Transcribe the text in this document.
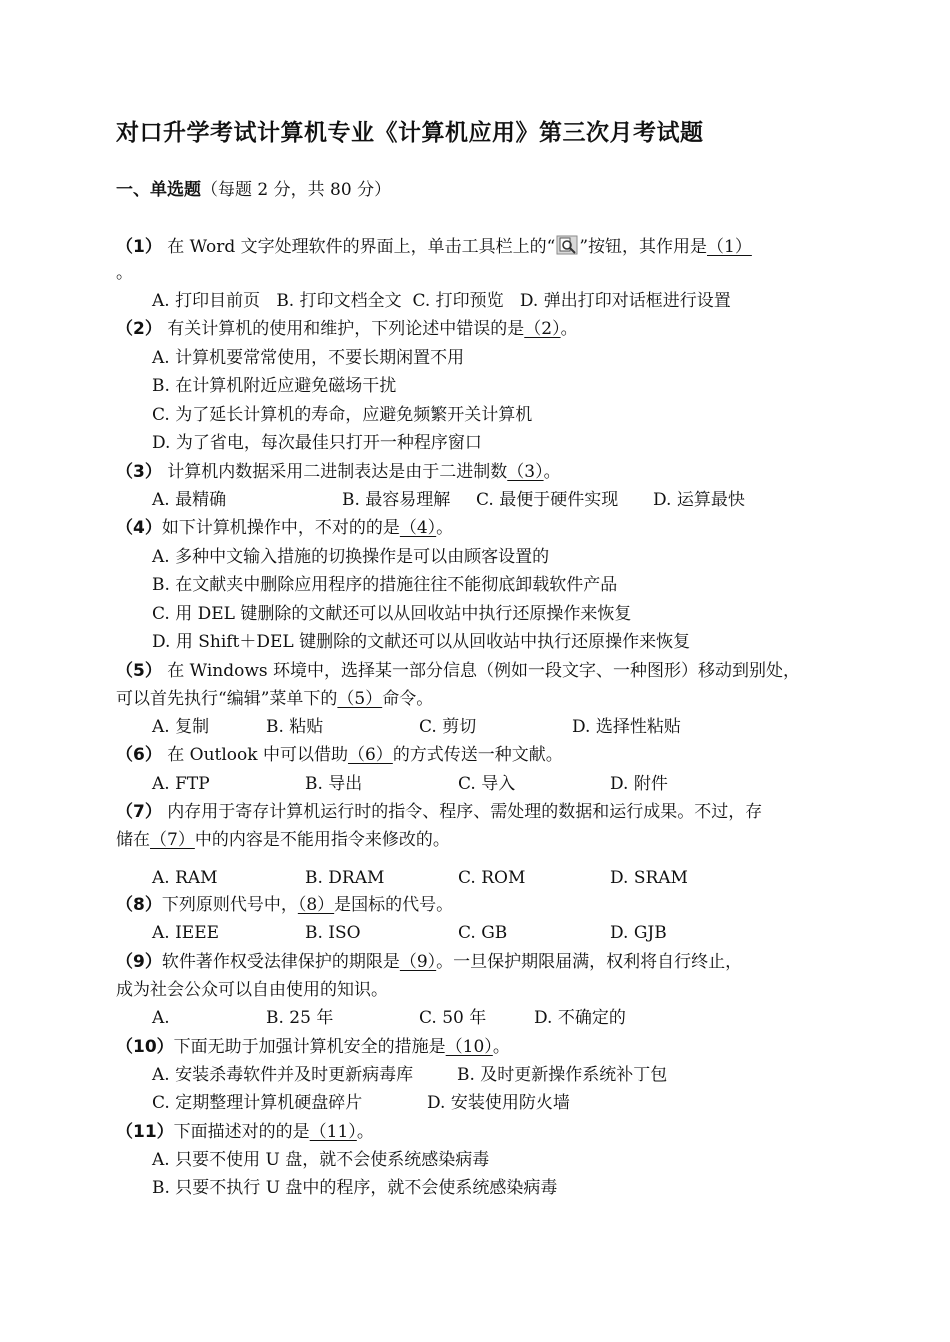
对口升学考试计算机专业《计算机应用》第三次月考试题
一、单选题（每题 2 分，共 80 分）
（1） 在 Word 文字处理软件的界面上，单击工具栏上的“ ”按钮，其作用是（1）
。
A. 打印目前页 B. 打印文档全文 C. 打印预览 D. 弹出打印对话框进行设置
（2） 有关计算机的使用和维护，下列论述中错误的是（2）。
A. 计算机要常常使用，不要长期闲置不用
B. 在计算机附近应避免磁场干扰
C. 为了延长计算机的寿命，应避免频繁开关计算机
D. 为了省电，每次最佳只打开一种程序窗口
（3） 计算机内数据采用二进制表达是由于二进制数（3）。
A. 最精确	B. 最容易理解 C. 最便于硬件实现 D. 运算最快
（4）如下计算机操作中，不对的的是（4）。
A. 多种中文输入措施的切换操作是可以由顾客设置的
B. 在文献夹中删除应用程序的措施往往不能彻底卸载软件产品
C. 用 DEL 键删除的文献还可以从回收站中执行还原操作来恢复
D. 用 Shift＋DEL 键删除的文献还可以从回收站中执行还原操作来恢复
（5） 在 Windows 环境中，选择某一部分信息（例如一段文字、一种图形）移动到别处，
可以首先执行“编辑”菜单下的（5）命令。
A. 复制	B. 粘贴	C. 剪切	D. 选择性粘贴
（6） 在 Outlook 中可以借助（6）的方式传送一种文献。
A. FTP	B. 导出	C. 导入	D. 附件
（7） 内存用于寄存计算机运行时的指令、程序、需处理的数据和运行成果。不过，存
储在（7）中的内容是不能用指令来修改的。
A. RAM	B. DRAM	C. ROM	D. SRAM
（8）下列原则代号中，（8）是国标的代号。
A. IEEE	B. ISO	C. GB	D. GJB
（9）软件著作权受法律保护的期限是（9）。一旦保护期限届满，权利将自行终止，
成为社会公众可以自由使用的知识。
A.	B. 25 年	C. 50 年	D. 不确定的
（10）下面无助于加强计算机安全的措施是（10）。
A. 安装杀毒软件并及时更新病毒库	B. 及时更新操作系统补丁包
C. 定期整理计算机硬盘碎片	D. 安装使用防火墙
（11）下面描述对的的是（11）。
A. 只要不使用 U 盘，就不会使系统感染病毒
B. 只要不执行 U 盘中的程序，就不会使系统感染病毒
